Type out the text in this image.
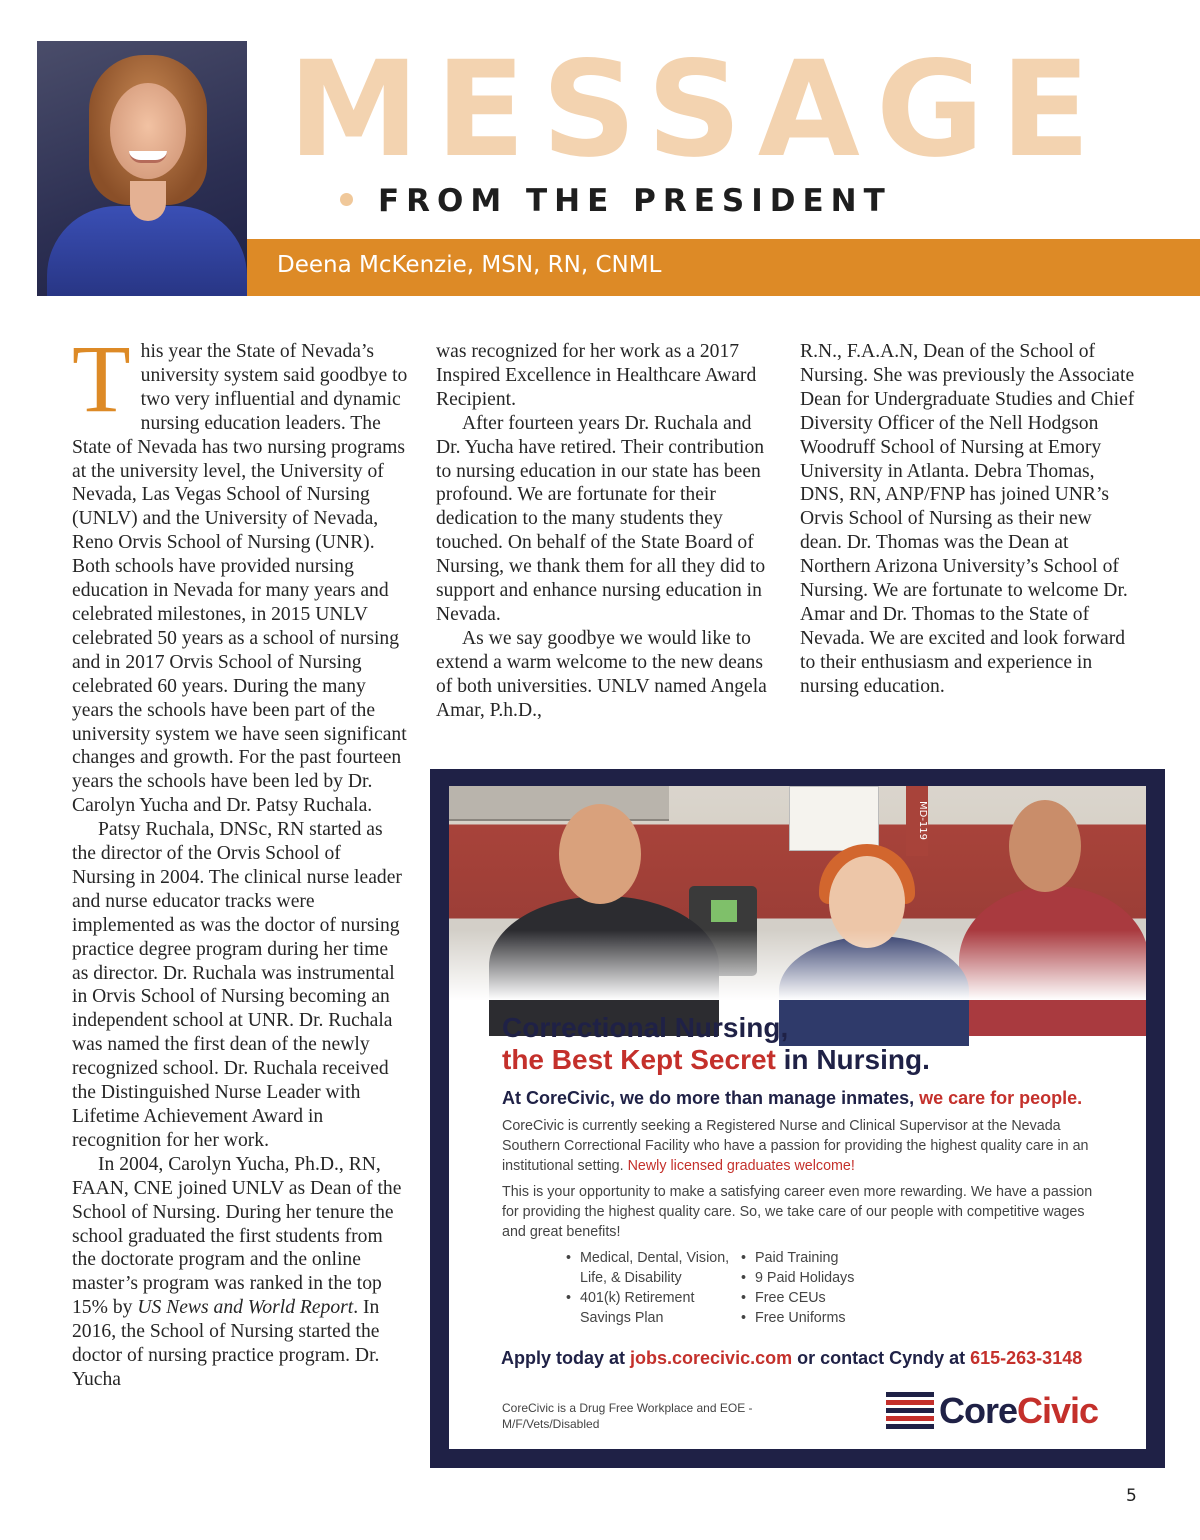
MESSAGE
FROM THE PRESIDENT
Deena McKenzie, MSN, RN, CNML
T his year the State of Nevada’s university system said goodbye to two very influential and dynamic nursing education leaders. The State of Nevada has two nursing programs at the university level, the University of Nevada, Las Vegas School of Nursing (UNLV) and the University of Nevada, Reno Orvis School of Nursing (UNR). Both schools have provided nursing education in Nevada for many years and celebrated milestones, in 2015 UNLV celebrated 50 years as a school of nursing and in 2017 Orvis School of Nursing celebrated 60 years. During the many years the schools have been part of the university system we have seen significant changes and growth. For the past fourteen years the schools have been led by Dr. Carolyn Yucha and Dr. Patsy Ruchala.

Patsy Ruchala, DNSc, RN started as the director of the Orvis School of Nursing in 2004. The clinical nurse leader and nurse educator tracks were implemented as was the doctor of nursing practice degree program during her time as director. Dr. Ruchala was instrumental in Orvis School of Nursing becoming an independent school at UNR. Dr. Ruchala was named the first dean of the newly recognized school. Dr. Ruchala received the Distinguished Nurse Leader with Lifetime Achievement Award in recognition for her work.

In 2004, Carolyn Yucha, Ph.D., RN, FAAN, CNE joined UNLV as Dean of the School of Nursing. During her tenure the school graduated the first students from the doctorate program and the online master’s program was ranked in the top 15% by US News and World Report. In 2016, the School of Nursing started the doctor of nursing practice program. Dr. Yucha

was recognized for her work as a 2017 Inspired Excellence in Healthcare Award Recipient.

After fourteen years Dr. Ruchala and Dr. Yucha have retired. Their contribution to nursing education in our state has been profound. We are fortunate for their dedication to the many students they touched. On behalf of the State Board of Nursing, we thank them for all they did to support and enhance nursing education in Nevada.

As we say goodbye we would like to extend a warm welcome to the new deans of both universities. UNLV named Angela Amar, P.h.D.,

R.N., F.A.A.N, Dean of the School of Nursing. She was previously the Associate Dean for Undergraduate Studies and Chief Diversity Officer of the Nell Hodgson Woodruff School of Nursing at Emory University in Atlanta. Debra Thomas, DNS, RN, ANP/FNP has joined UNR’s Orvis School of Nursing as their new dean. Dr. Thomas was the Dean at Northern Arizona University’s School of Nursing. We are fortunate to welcome Dr. Amar and Dr. Thomas to the State of Nevada. We are excited and look forward to their enthusiasm and experience in nursing education.

MD-119
Correctional Nursing,
the Best Kept Secret in Nursing.
At CoreCivic, we do more than manage inmates, we care for people.
CoreCivic is currently seeking a Registered Nurse and Clinical Supervisor at the Nevada Southern Correctional Facility who have a passion for providing the highest quality care in an institutional setting. Newly licensed graduates welcome!
This is your opportunity to make a satisfying career even more rewarding. We have a passion for providing the highest quality care. So, we take care of our people with competitive wages and great benefits!
• Medical, Dental, Vision, Life, & Disability
• 401(k) Retirement Savings Plan
• Paid Training
• 9 Paid Holidays
• Free CEUs
• Free Uniforms
Apply today at jobs.corecivic.com or contact Cyndy at 615-263-3148
CoreCivic is a Drug Free Workplace and EOE - M/F/Vets/Disabled	CoreCivic
5
